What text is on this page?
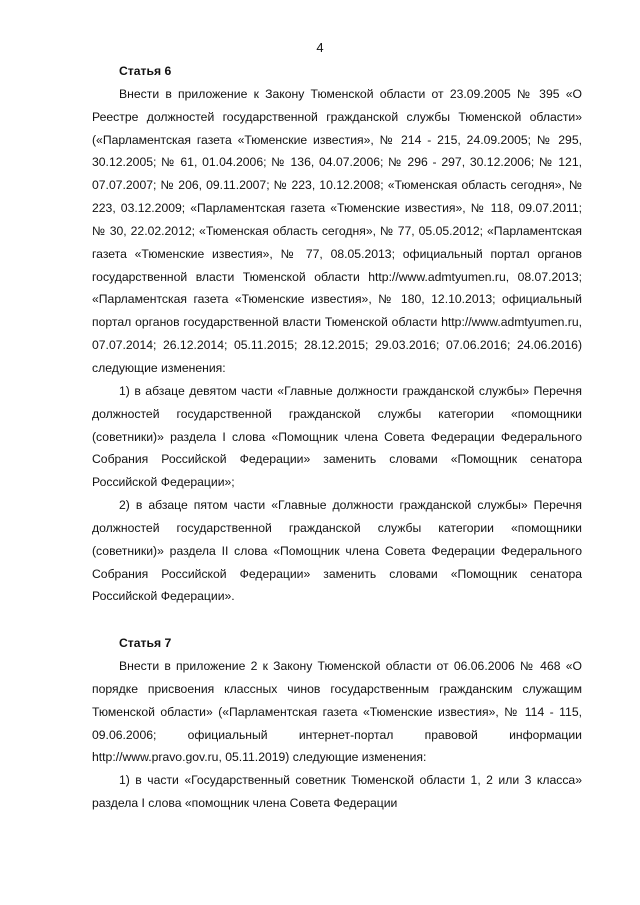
4
Статья 6

Внести в приложение к Закону Тюменской области от 23.09.2005 № 395 «О Реестре должностей государственной гражданской службы Тюменской области» («Парламентская газета «Тюменские известия», № 214 - 215, 24.09.2005; № 295, 30.12.2005; № 61, 01.04.2006; № 136, 04.07.2006; № 296 - 297, 30.12.2006; № 121, 07.07.2007; № 206, 09.11.2007; № 223, 10.12.2008; «Тюменская область сегодня», № 223, 03.12.2009; «Парламентская газета «Тюменские известия», № 118, 09.07.2011; № 30, 22.02.2012; «Тюменская область сегодня», № 77, 05.05.2012; «Парламентская газета «Тюменские известия», № 77, 08.05.2013; официальный портал органов государственной власти Тюменской области http://www.admtyumen.ru, 08.07.2013; «Парламентская газета «Тюменские известия», № 180, 12.10.2013; официальный портал органов государственной власти Тюменской области http://www.admtyumen.ru, 07.07.2014; 26.12.2014; 05.11.2015; 28.12.2015; 29.03.2016; 07.06.2016; 24.06.2016) следующие изменения:

1) в абзаце девятом части «Главные должности гражданской службы» Перечня должностей государственной гражданской службы категории «помощники (советники)» раздела I слова «Помощник члена Совета Федерации Федерального Собрания Российской Федерации» заменить словами «Помощник сенатора Российской Федерации»;

2) в абзаце пятом части «Главные должности гражданской службы» Перечня должностей государственной гражданской службы категории «помощники (советники)» раздела II слова «Помощник члена Совета Федерации Федерального Собрания Российской Федерации» заменить словами «Помощник сенатора Российской Федерации».

Статья 7

Внести в приложение 2 к Закону Тюменской области от 06.06.2006 № 468 «О порядке присвоения классных чинов государственным гражданским служащим Тюменской области» («Парламентская газета «Тюменские известия», № 114 - 115, 09.06.2006; официальный интернет-портал правовой информации http://www.pravo.gov.ru, 05.11.2019) следующие изменения:

1) в части «Государственный советник Тюменской области 1, 2 или 3 класса» раздела I слова «помощник члена Совета Федерации
